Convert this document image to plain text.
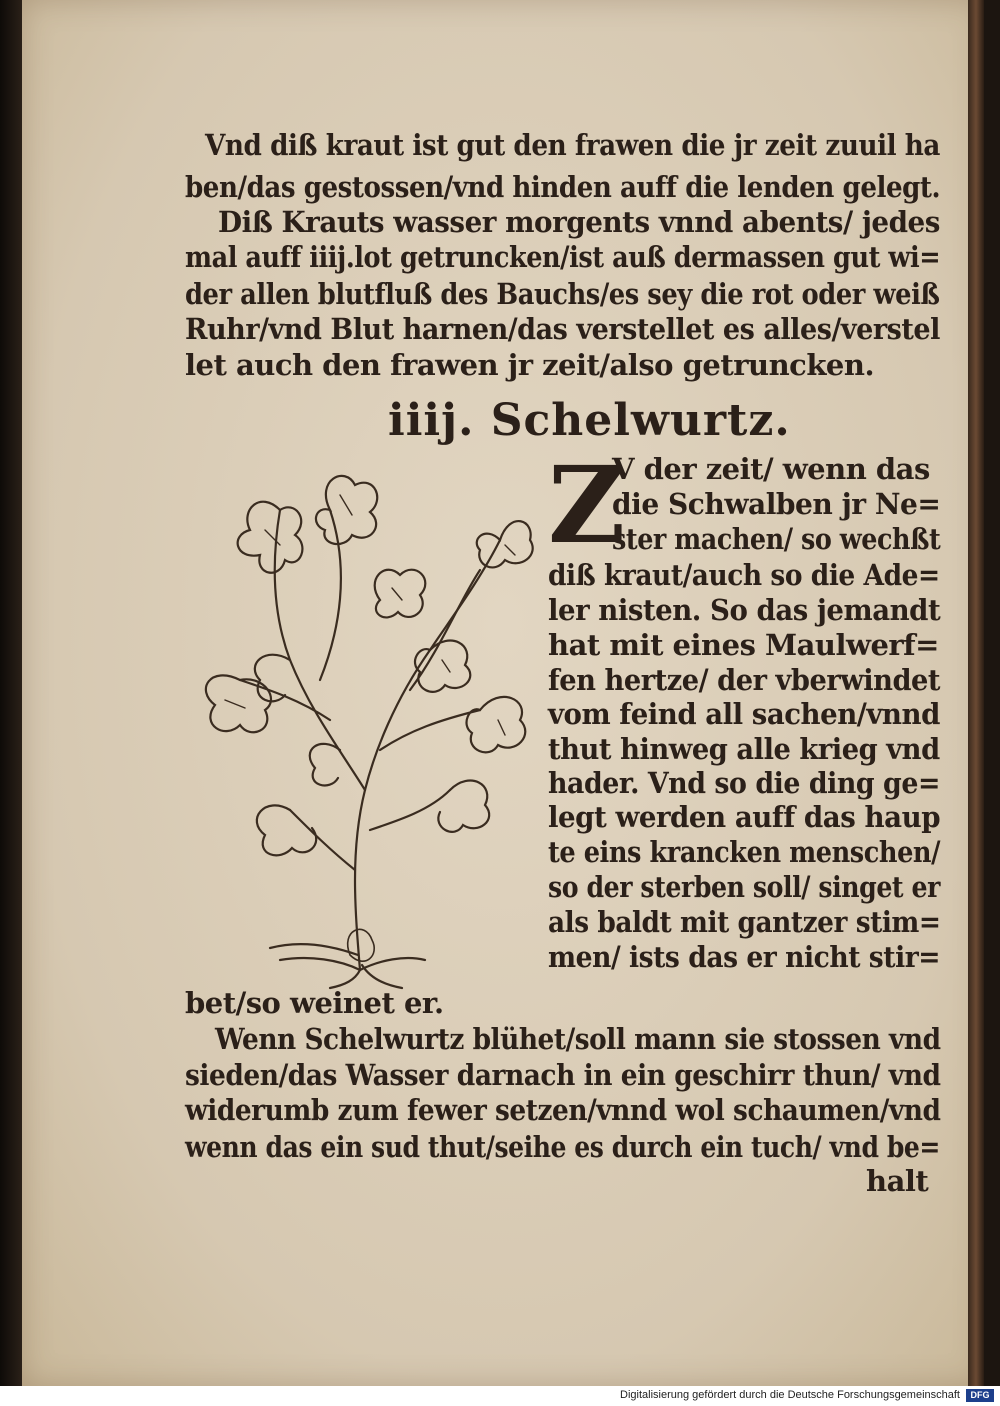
Vnd diß kraut ist gut den frawen die jr zeit zuuil ha
ben/das gestossen/vnd hinden auff die lenden gelegt.
Diß Krauts wasser morgents vnnd abents/ jedes
mal auff iiij.lot getruncken/ist auß dermassen gut wi=
der allen blutfluß des Bauchs/es sey die rot oder weiß
Ruhr/vnd Blut harnen/das verstellet es alles/verstel
let auch den frawen jr zeit/also getruncken.
iiij. Schelwurtz.
Z
V der zeit/ wenn das
die Schwalben jr Ne=
ster machen/ so wechßt
diß kraut/auch so die Ade=
ler nisten. So das jemandt
hat mit eines Maulwerf=
fen hertze/ der vberwindet
vom feind all sachen/vnnd
thut hinweg alle krieg vnd
hader. Vnd so die ding ge=
legt werden auff das haup
te eins krancken menschen/
so der sterben soll/ singet er
als baldt mit gantzer stim=
men/ ists das er nicht stir=
bet/so weinet er.
Wenn Schelwurtz blühet/soll mann sie stossen vnd
sieden/das Wasser darnach in ein geschirr thun/ vnd
widerumb zum fewer setzen/vnnd wol schaumen/vnd
wenn das ein sud thut/seihe es durch ein tuch/ vnd be=
halt
Digitalisierung gefördert durch die Deutsche Forschungsgemeinschaft	DFG
